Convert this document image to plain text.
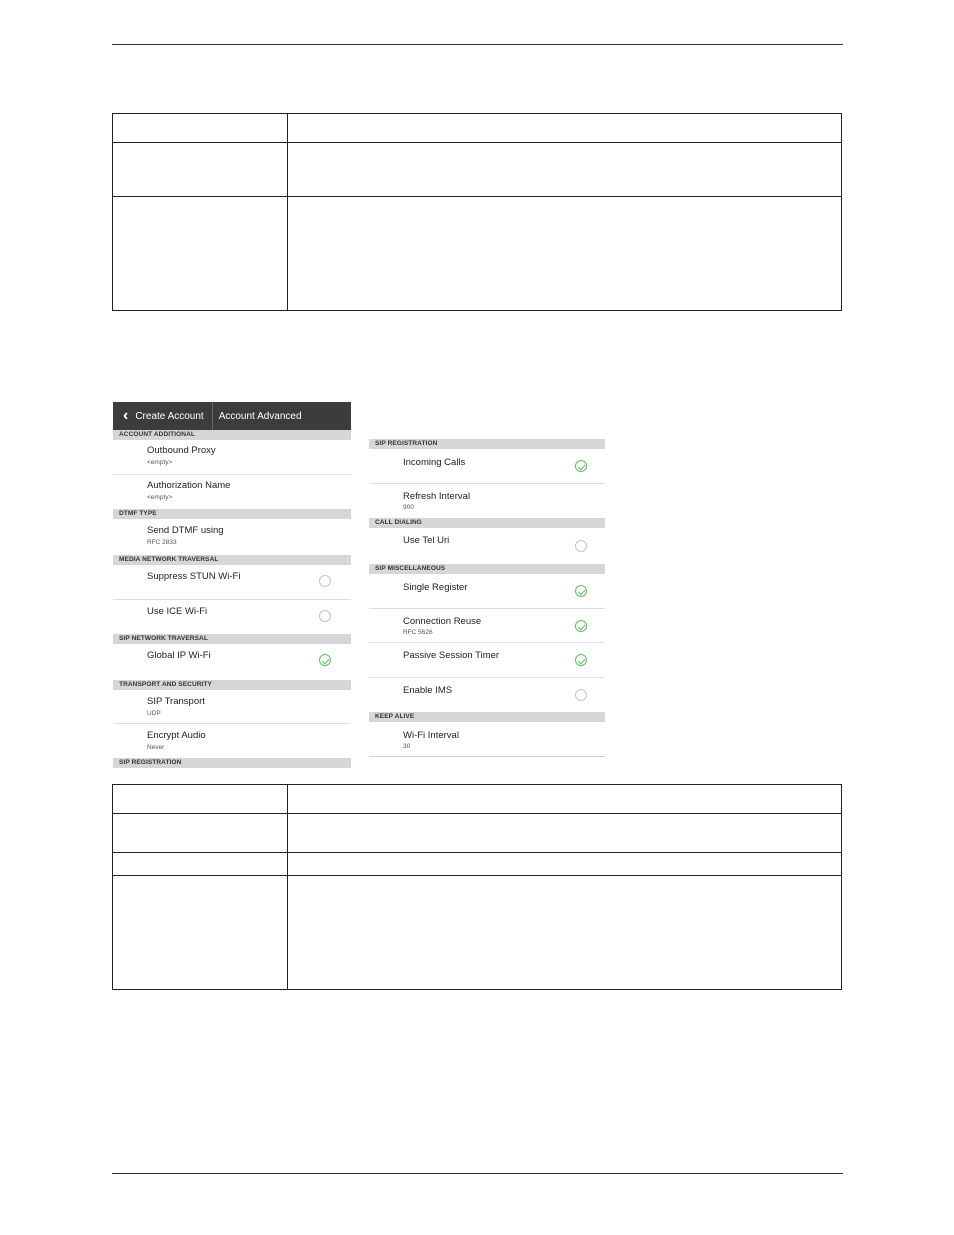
‹ Create Account	Account Advanced
ACCOUNT ADDITIONAL
Outbound Proxy
<empty>
Authorization Name
<empty>
DTMF TYPE
Send DTMF using
RFC 2833
MEDIA NETWORK TRAVERSAL
Suppress STUN Wi-Fi
Use ICE Wi-Fi
SIP NETWORK TRAVERSAL
Global IP Wi-Fi
TRANSPORT AND SECURITY
SIP Transport
UDP
Encrypt Audio
Never
SIP REGISTRATION
SIP REGISTRATION
Incoming Calls
Refresh Interval
900
CALL DIALING
Use Tel Uri
SIP MISCELLANEOUS
Single Register
Connection Reuse
RFC 5626
Passive Session Timer
Enable IMS
KEEP ALIVE
Wi-Fi Interval
30
